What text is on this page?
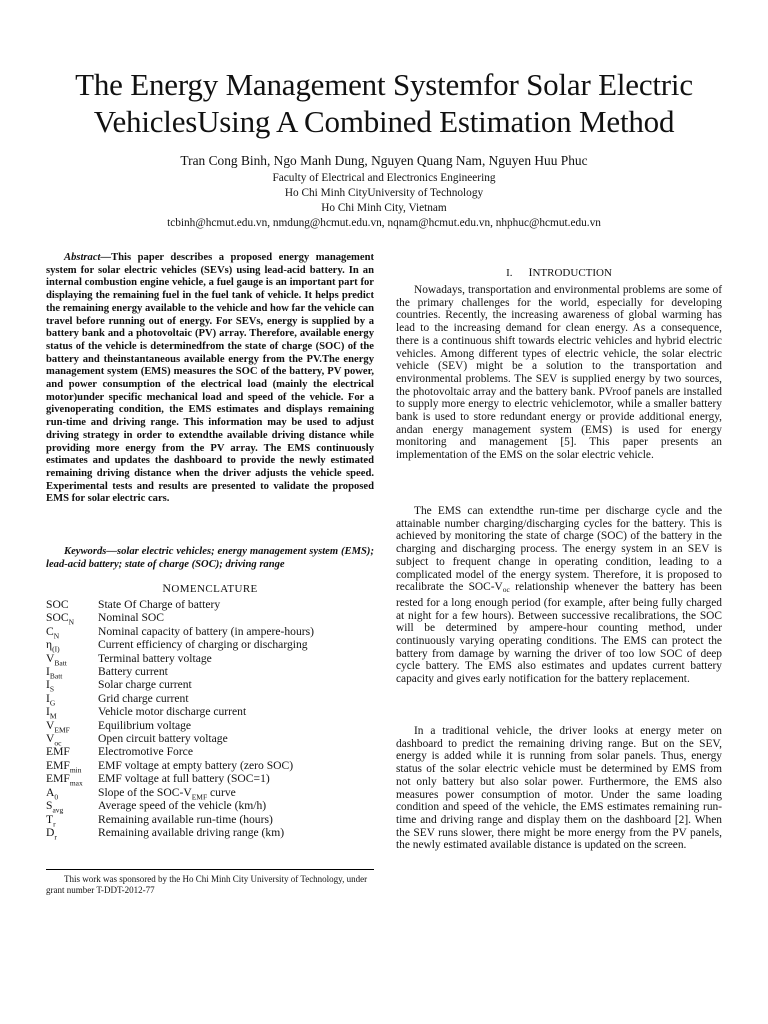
The Energy Management Systemfor Solar Electric VehiclesUsing A Combined Estimation Method
Tran Cong Binh, Ngo Manh Dung, Nguyen Quang Nam, Nguyen Huu Phuc
Faculty of Electrical and Electronics Engineering
Ho Chi Minh CityUniversity of Technology
Ho Chi Minh City, Vietnam
tcbinh@hcmut.edu.vn, nmdung@hcmut.edu.vn, nqnam@hcmut.edu.vn, nhphuc@hcmut.edu.vn

Abstract—This paper describes a proposed energy management system for solar electric vehicles (SEVs) using lead-acid battery. In an internal combustion engine vehicle, a fuel gauge is an important part for displaying the remaining fuel in the fuel tank of vehicle. It helps predict the remaining energy available to the vehicle and how far the vehicle can travel before running out of energy. For SEVs, energy is supplied by a battery bank and a photovoltaic (PV) array. Therefore, available energy status of the vehicle is determinedfrom the state of charge (SOC) of the battery and theinstantaneous available energy from the PV.The energy management system (EMS) measures the SOC of the battery, PV power, and power consumption of the electrical load (mainly the electrical motor)under specific mechanical load and speed of the vehicle. For a givenoperating condition, the EMS estimates and displays remaining run-time and driving range. This information may be used to adjust driving strategy in order to extendthe available driving distance while providing more energy from the PV array. The EMS continuously estimates and updates the dashboard to provide the newly estimated remaining driving distance when the driver adjusts the vehicle speed. Experimental tests and results are presented to validate the proposed EMS for solar electric cars.

Keywords—solar electric vehicles; energy management system (EMS); lead-acid battery; state of charge (SOC); driving range

NOMENCLATURE
SOC	State Of Charge of battery
$SOC_N$	Nominal SOC
$C_N$	Nominal capacity of battery (in ampere-hours)
$\eta_{(I)}$	Current efficiency of charging or discharging
$V_{Batt}$	Terminal battery voltage
$I_{Batt}$	Battery current
$I_S$	Solar charge current
$I_G$	Grid charge current
$I_M$	Vehicle motor discharge current
$V_{EMF}$	Equilibrium voltage
$V_{oc}$	Open circuit battery voltage
EMF	Electromotive Force
$EMF_{min}$	EMF voltage at empty battery (zero SOC)
$EMF_{max}$	EMF voltage at full battery (SOC=1)
$A_0$	Slope of the SOC-$V_{EMF}$ curve
$S_{avg}$	Average speed of the vehicle (km/h)
$T_r$	Remaining available run-time (hours)
$D_r$	Remaining available driving range (km)

This work was sponsored by the Ho Chi Minh City University of Technology, under grant number T-DDT-2012-77

I. INTRODUCTION

Nowadays, transportation and environmental problems are some of the primary challenges for the world, especially for developing countries. Recently, the increasing awareness of global warming has lead to the increasing demand for clean energy. As a consequence, there is a continuous shift towards electric vehicles and hybrid electric vehicles. Among different types of electric vehicle, the solar electric vehicle (SEV) might be a solution to the transportation and environmental problems. The SEV is supplied energy by two sources, the photovoltaic array and the battery bank. PVroof panels are installed to supply more energy to electric vehiclemotor, while a smaller battery bank is used to store redundant energy or provide additional energy, andan energy management system (EMS) is used for energy monitoring and management [5]. This paper presents an implementation of the EMS on the solar electric vehicle.

The EMS can extendthe run-time per discharge cycle and the attainable number charging/discharging cycles for the battery. This is achieved by monitoring the state of charge (SOC) of the battery in the charging and discharging process. The energy system in an SEV is subject to frequent change in operating condition, leading to a complicated model of the energy system. Therefore, it is proposed to recalibrate the SOC-$V_{oc}$ relationship whenever the battery has been rested for a long enough period (for example, after being fully charged at night for a few hours). Between successive recalibrations, the SOC will be determined by ampere-hour counting method, under continuously varying operating conditions. The EMS can protect the battery from damage by warning the driver of too low SOC of deep cycle battery. The EMS also estimates and updates current battery capacity and gives early notification for the battery replacement.

In a traditional vehicle, the driver looks at energy meter on dashboard to predict the remaining driving range. But on the SEV, energy is added while it is running from solar panels. Thus, energy status of the solar electric vehicle must be determined by EMS from not only battery but also solar power. Furthermore, the EMS also measures power consumption of motor. Under the same loading condition and speed of the vehicle, the EMS estimates remaining run-time and driving range and display them on the dashboard [2]. When the SEV runs slower, there might be more energy from the PV panels, the newly estimated available distance is updated on the screen.
